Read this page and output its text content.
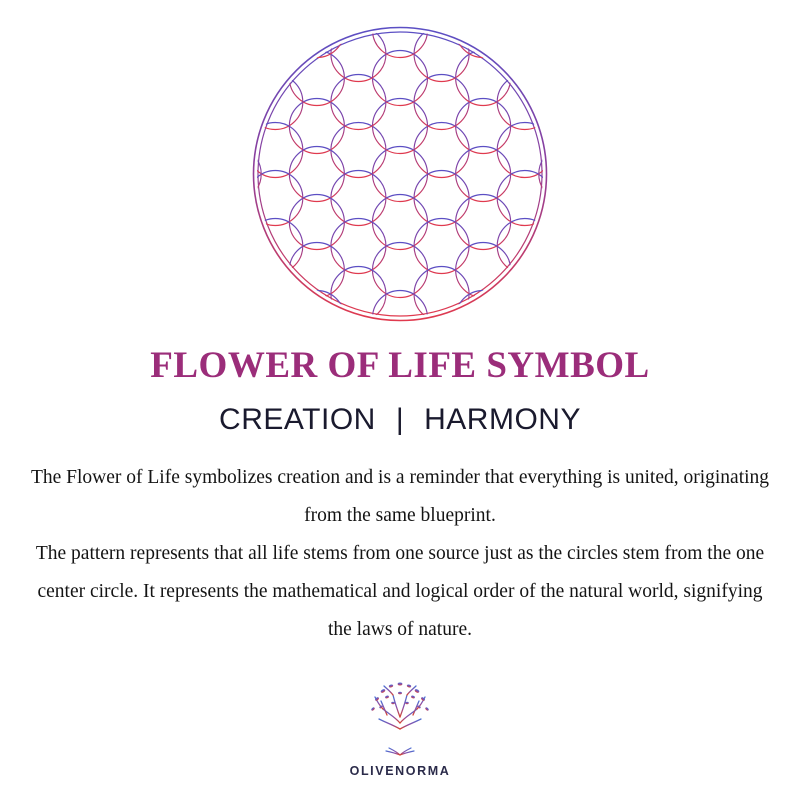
FLOWER OF LIFE SYMBOL
CREATION | HARMONY

The Flower of Life symbolizes creation and is a reminder that everything is united, originating from the same blueprint.

The pattern represents that all life stems from one source just as the circles stem from the one center circle. It represents the mathematical and logical order of the natural world, signifying the laws of nature.

OLIVENORMA
